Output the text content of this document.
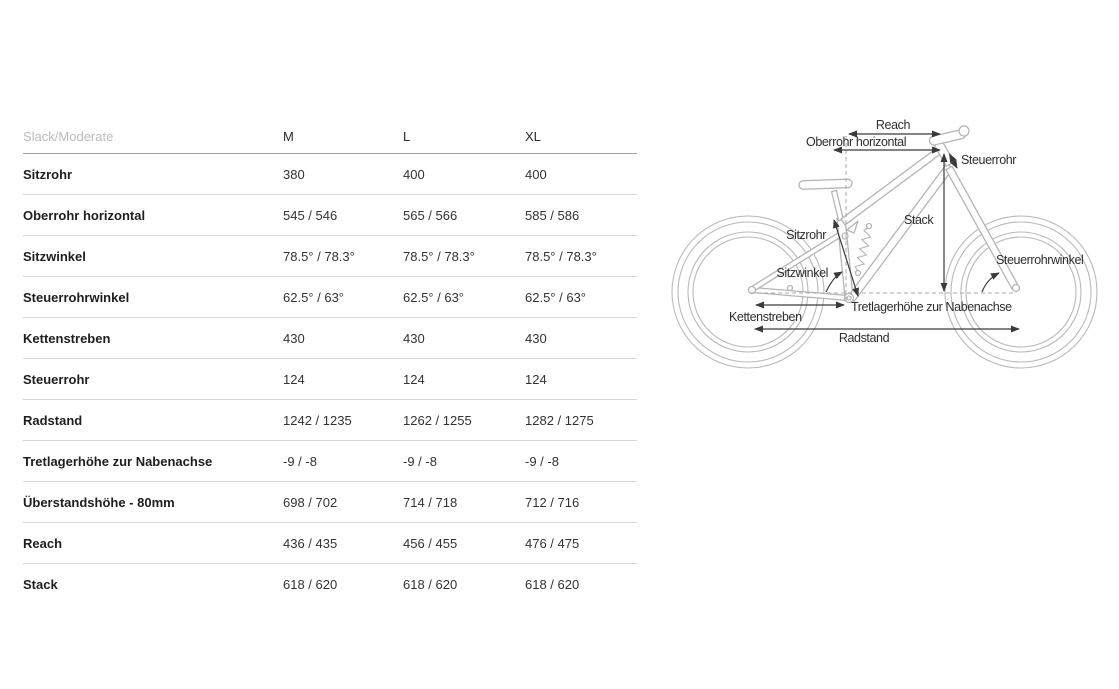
Slack/Moderate	M	L	XL
Sitzrohr	380	400	400
Oberrohr horizontal	545 / 546	565 / 566	585 / 586
Sitzwinkel	78.5° / 78.3°	78.5° / 78.3°	78.5° / 78.3°
Steuerrohrwinkel	62.5° / 63°	62.5° / 63°	62.5° / 63°
Kettenstreben	430	430	430
Steuerrohr	124	124	124
Radstand	1242 / 1235	1262 / 1255	1282 / 1275
Tretlagerhöhe zur Nabenachse	-9 / -8	-9 / -8	-9 / -8
Überstandshöhe - 80mm	698 / 702	714 / 718	712 / 716
Reach	436 / 435	456 / 455	476 / 475
Stack	618 / 620	618 / 620	618 / 620
Reach
Oberrohr horizontal
Steuerrohr
Stack
Sitzrohr
Sitzwinkel
Steuerrohrwinkel
Tretlagerhöhe zur Nabenachse
Kettenstreben
Radstand
